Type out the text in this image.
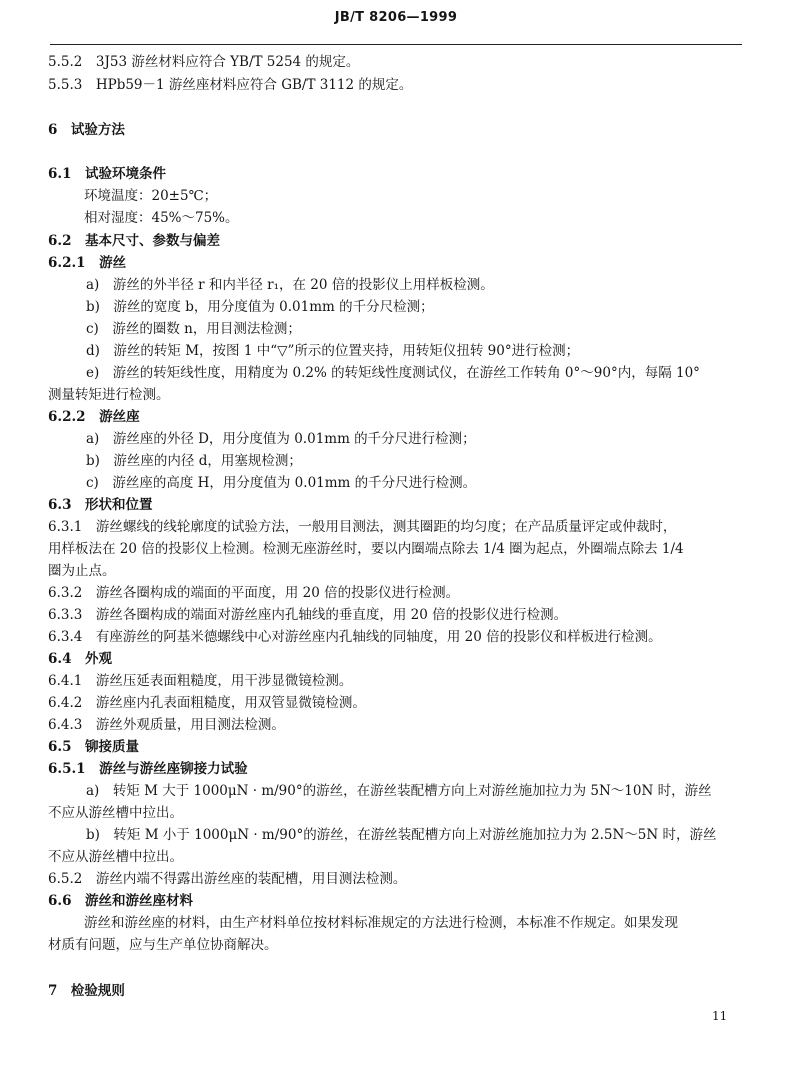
JB/T 8206—1999
5.5.2　3J53 游丝材料应符合 YB/T 5254 的规定。
5.5.3　HPb59－1 游丝座材料应符合 GB/T 3112 的规定。
6　试验方法
6.1　试验环境条件
环境温度：20±5℃；
相对湿度：45%～75%。
6.2　基本尺寸、参数与偏差
6.2.1　游丝
a)　游丝的外半径 r 和内半径 r₁，在 20 倍的投影仪上用样板检测。
b)　游丝的宽度 b，用分度值为 0.01mm 的千分尺检测；
c)　游丝的圈数 n，用目测法检测；
d)　游丝的转矩 M，按图 1 中“▽”所示的位置夹持，用转矩仪扭转 90°进行检测；
e)　游丝的转矩线性度，用精度为 0.2% 的转矩线性度测试仪，在游丝工作转角 0°～90°内，每隔 10°
测量转矩进行检测。
6.2.2　游丝座
a)　游丝座的外径 D，用分度值为 0.01mm 的千分尺进行检测；
b)　游丝座的内径 d，用塞规检测；
c)　游丝座的高度 H，用分度值为 0.01mm 的千分尺进行检测。
6.3　形状和位置
6.3.1　游丝螺线的线轮廓度的试验方法，一般用目测法，测其圈距的均匀度；在产品质量评定或仲裁时，
用样板法在 20 倍的投影仪上检测。检测无座游丝时，要以内圈端点除去 1/4 圈为起点，外圈端点除去 1/4
圈为止点。
6.3.2　游丝各圈构成的端面的平面度，用 20 倍的投影仪进行检测。
6.3.3　游丝各圈构成的端面对游丝座内孔轴线的垂直度，用 20 倍的投影仪进行检测。
6.3.4　有座游丝的阿基米德螺线中心对游丝座内孔轴线的同轴度，用 20 倍的投影仪和样板进行检测。
6.4　外观
6.4.1　游丝压延表面粗糙度，用干涉显微镜检测。
6.4.2　游丝座内孔表面粗糙度，用双管显微镜检测。
6.4.3　游丝外观质量，用目测法检测。
6.5　铆接质量
6.5.1　游丝与游丝座铆接力试验
a)　转矩 M 大于 1000μN · m/90°的游丝，在游丝装配槽方向上对游丝施加拉力为 5N～10N 时，游丝
不应从游丝槽中拉出。
b)　转矩 M 小于 1000μN · m/90°的游丝，在游丝装配槽方向上对游丝施加拉力为 2.5N～5N 时，游丝
不应从游丝槽中拉出。
6.5.2　游丝内端不得露出游丝座的装配槽，用目测法检测。
6.6　游丝和游丝座材料
游丝和游丝座的材料，由生产材料单位按材料标准规定的方法进行检测，本标准不作规定。如果发现
材质有问题，应与生产单位协商解决。
7　检验规则
11
